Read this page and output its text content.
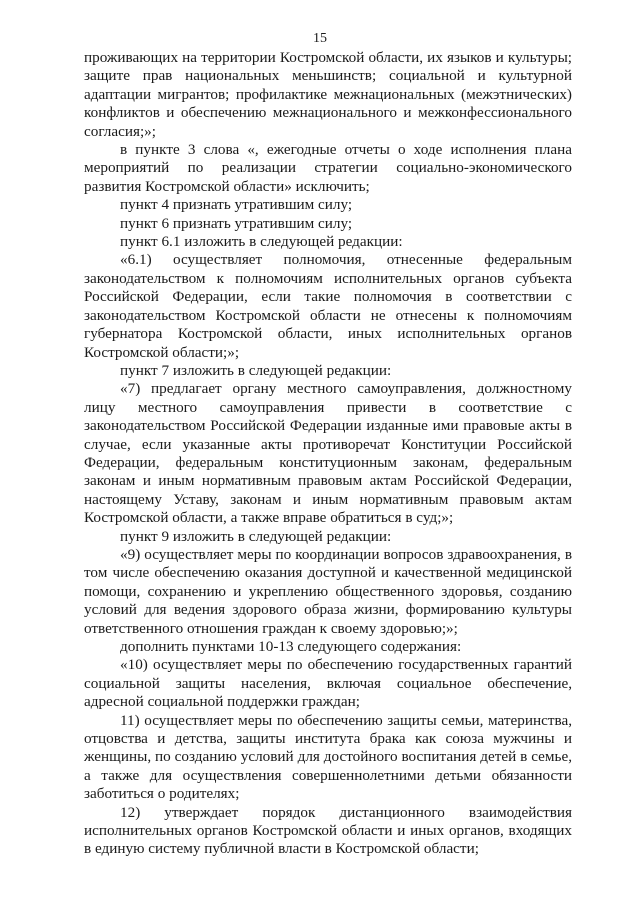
15

проживающих на территории Костромской области, их языков и культуры; защите прав национальных меньшинств; социальной и культурной адаптации мигрантов; профилактике межнациональных (межэтнических) конфликтов и обеспечению межнационального и межконфессионального согласия;»;

в пункте 3 слова «, ежегодные отчеты о ходе исполнения плана мероприятий по реализации стратегии социально-экономического развития Костромской области» исключить;

пункт 4 признать утратившим силу;

пункт 6 признать утратившим силу;

пункт 6.1 изложить в следующей редакции:

«6.1) осуществляет полномочия, отнесенные федеральным законодательством к полномочиям исполнительных органов субъекта Российской Федерации, если такие полномочия в соответствии с законодательством Костромской области не отнесены к полномочиям губернатора Костромской области, иных исполнительных органов Костромской области;»;

пункт 7 изложить в следующей редакции:

«7) предлагает органу местного самоуправления, должностному лицу местного самоуправления привести в соответствие с законодательством Российской Федерации изданные ими правовые акты в случае, если указанные акты противоречат Конституции Российской Федерации, федеральным конституционным законам, федеральным законам и иным нормативным правовым актам Российской Федерации, настоящему Уставу, законам и иным нормативным правовым актам Костромской области, а также вправе обратиться в суд;»;

пункт 9 изложить в следующей редакции:

«9) осуществляет меры по координации вопросов здравоохранения, в том числе обеспечению оказания доступной и качественной медицинской помощи, сохранению и укреплению общественного здоровья, созданию условий для ведения здорового образа жизни, формированию культуры ответственного отношения граждан к своему здоровью;»;

дополнить пунктами 10-13 следующего содержания:

«10) осуществляет меры по обеспечению государственных гарантий социальной защиты населения, включая социальное обеспечение, адресной социальной поддержки граждан;

11) осуществляет меры по обеспечению защиты семьи, материнства, отцовства и детства, защиты института брака как союза мужчины и женщины, по созданию условий для достойного воспитания детей в семье, а также для осуществления совершеннолетними детьми обязанности заботиться о родителях;

12) утверждает порядок дистанционного взаимодействия исполнительных органов Костромской области и иных органов, входящих в единую систему публичной власти в Костромской области;
